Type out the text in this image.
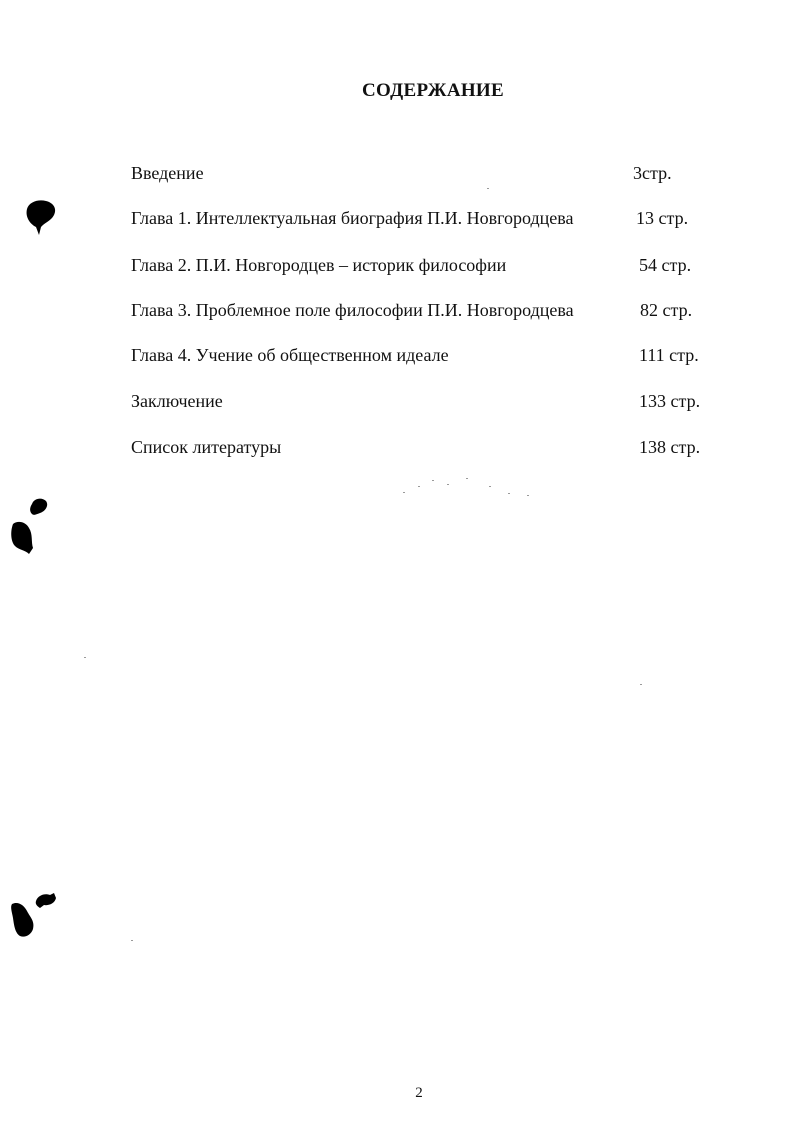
СОДЕРЖАНИЕ
Введение	3стр.
Глава 1. Интеллектуальная биография П.И. Новгородцева	13 стр.
Глава 2. П.И. Новгородцев – историк философии	54 стр.
Глава 3. Проблемное поле философии П.И. Новгородцева	82 стр.
Глава 4. Учение об общественном идеале	111 стр.
Заключение	133 стр.
Список литературы	138 стр.
2
